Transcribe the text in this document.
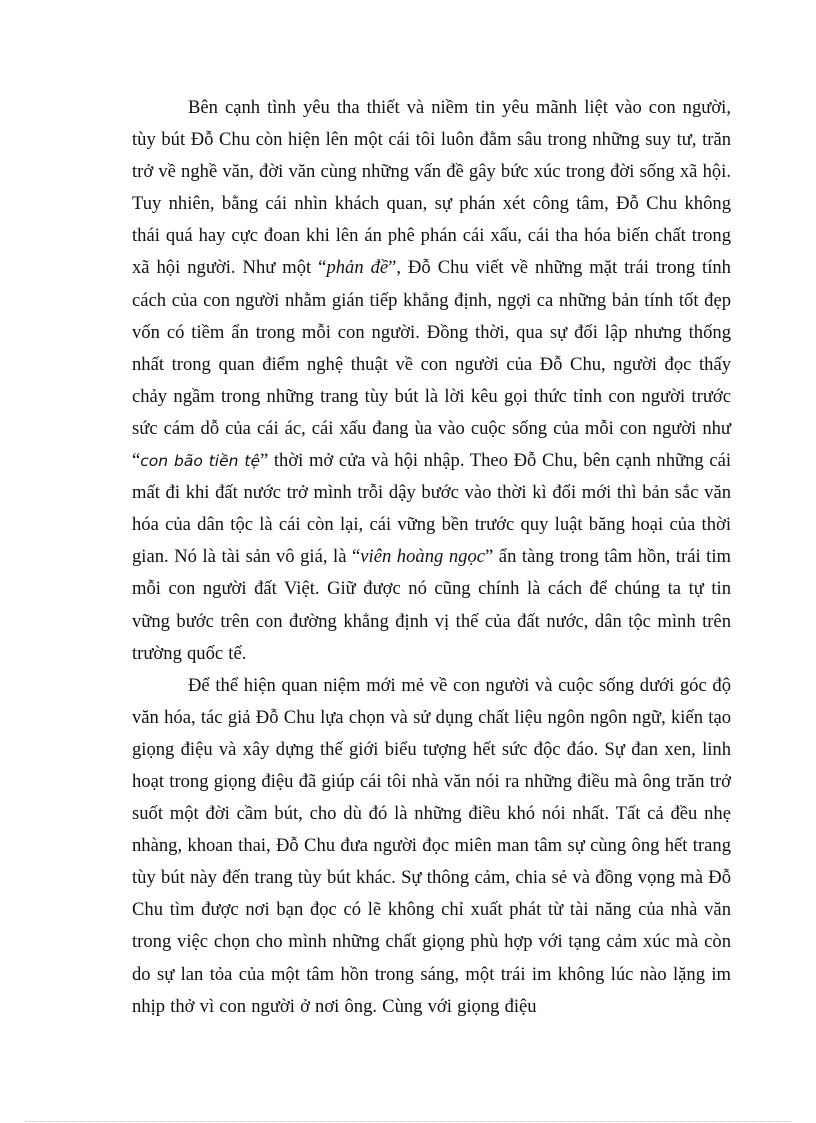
Bên cạnh tình yêu tha thiết và niềm tin yêu mãnh liệt vào con người, tùy bút Đỗ Chu còn hiện lên một cái tôi luôn đằm sâu trong những suy tư, trăn trở về nghề văn, đời văn cùng những vấn đề gây bức xúc trong đời sống xã hội. Tuy nhiên, bằng cái nhìn khách quan, sự phán xét công tâm, Đỗ Chu không thái quá hay cực đoan khi lên án phê phán cái xấu, cái tha hóa biến chất trong xã hội người. Như một “phản đề”, Đỗ Chu viết về những mặt trái trong tính cách của con người nhằm gián tiếp khẳng định, ngợi ca những bản tính tốt đẹp vốn có tiềm ẩn trong mỗi con người. Đồng thời, qua sự đối lập nhưng thống nhất trong quan điểm nghệ thuật về con người của Đỗ Chu, người đọc thấy chảy ngầm trong những trang tùy bút là lời kêu gọi thức tỉnh con người trước sức cám dỗ của cái ác, cái xấu đang ùa vào cuộc sống của mỗi con người như “con bão tiền tệ” thời mở cửa và hội nhập. Theo Đỗ Chu, bên cạnh những cái mất đi khi đất nước trở mình trỗi dậy bước vào thời kì đổi mới thì bản sắc văn hóa của dân tộc là cái còn lại, cái vững bền trước quy luật băng hoại của thời gian. Nó là tài sản vô giá, là “viên hoàng ngọc” ẩn tàng trong tâm hồn, trái tim mỗi con người đất Việt. Giữ được nó cũng chính là cách để chúng ta tự tin vững bước trên con đường khẳng định vị thế của đất nước, dân tộc mình trên trường quốc tế.

Để thể hiện quan niệm mới mẻ về con người và cuộc sống dưới góc độ văn hóa, tác giả Đỗ Chu lựa chọn và sử dụng chất liệu ngôn ngôn ngữ, kiến tạo giọng điệu và xây dựng thế giới biểu tượng hết sức độc đáo. Sự đan xen, linh hoạt trong giọng điệu đã giúp cái tôi nhà văn nói ra những điều mà ông trăn trở suốt một đời cầm bút, cho dù đó là những điều khó nói nhất. Tất cả đều nhẹ nhàng, khoan thai, Đỗ Chu đưa người đọc miên man tâm sự cùng ông hết trang tùy bút này đến trang tùy bút khác. Sự thông cảm, chia sẻ và đồng vọng mà Đỗ Chu tìm được nơi bạn đọc có lẽ không chỉ xuất phát từ tài năng của nhà văn trong việc chọn cho mình những chất giọng phù hợp với tạng cảm xúc mà còn do sự lan tỏa của một tâm hồn trong sáng, một trái im không lúc nào lặng im nhịp thở vì con người ở nơi ông. Cùng với giọng điệu
